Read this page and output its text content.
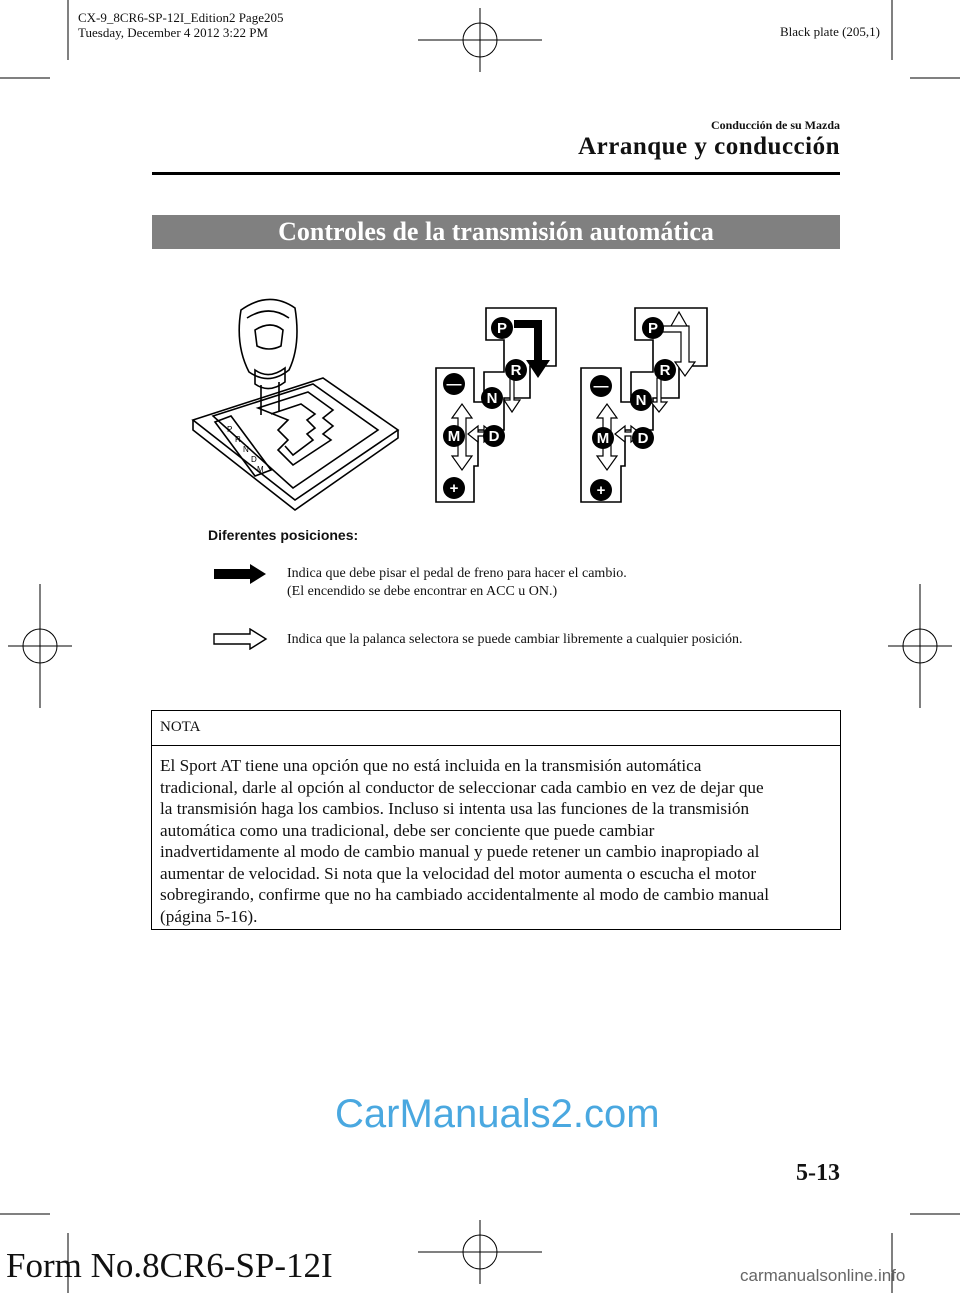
CX-9_8CR6-SP-12I_Edition2 Page205
Tuesday, December 4 2012 3:22 PM	Black plate (205,1)
Conducción de su Mazda
Arranque y conducción
Controles de la transmisión automática
P
R
N
D
M
P
R
N
D
M
—
+
P
R
N
D
M
—
+
Diferentes posiciones:
Indica que debe pisar el pedal de freno para hacer el cambio.
(El encendido se debe encontrar en ACC u ON.)
Indica que la palanca selectora se puede cambiar libremente a cualquier posición.
NOTA
El Sport AT tiene una opción que no está incluida en la transmisión automática
tradicional, darle al opción al conductor de seleccionar cada cambio en vez de dejar que
la transmisión haga los cambios. Incluso si intenta usa las funciones de la transmisión
automática como una tradicional, debe ser conciente que puede cambiar
inadvertidamente al modo de cambio manual y puede retener un cambio inapropiado al
aumentar de velocidad. Si nota que la velocidad del motor aumenta o escucha el motor
sobregirando, confirme que no ha cambiado accidentalmente al modo de cambio manual
(página 5-16).
CarManuals2.com
5-13
Form No.8CR6-SP-12I	carmanualsonline.info
